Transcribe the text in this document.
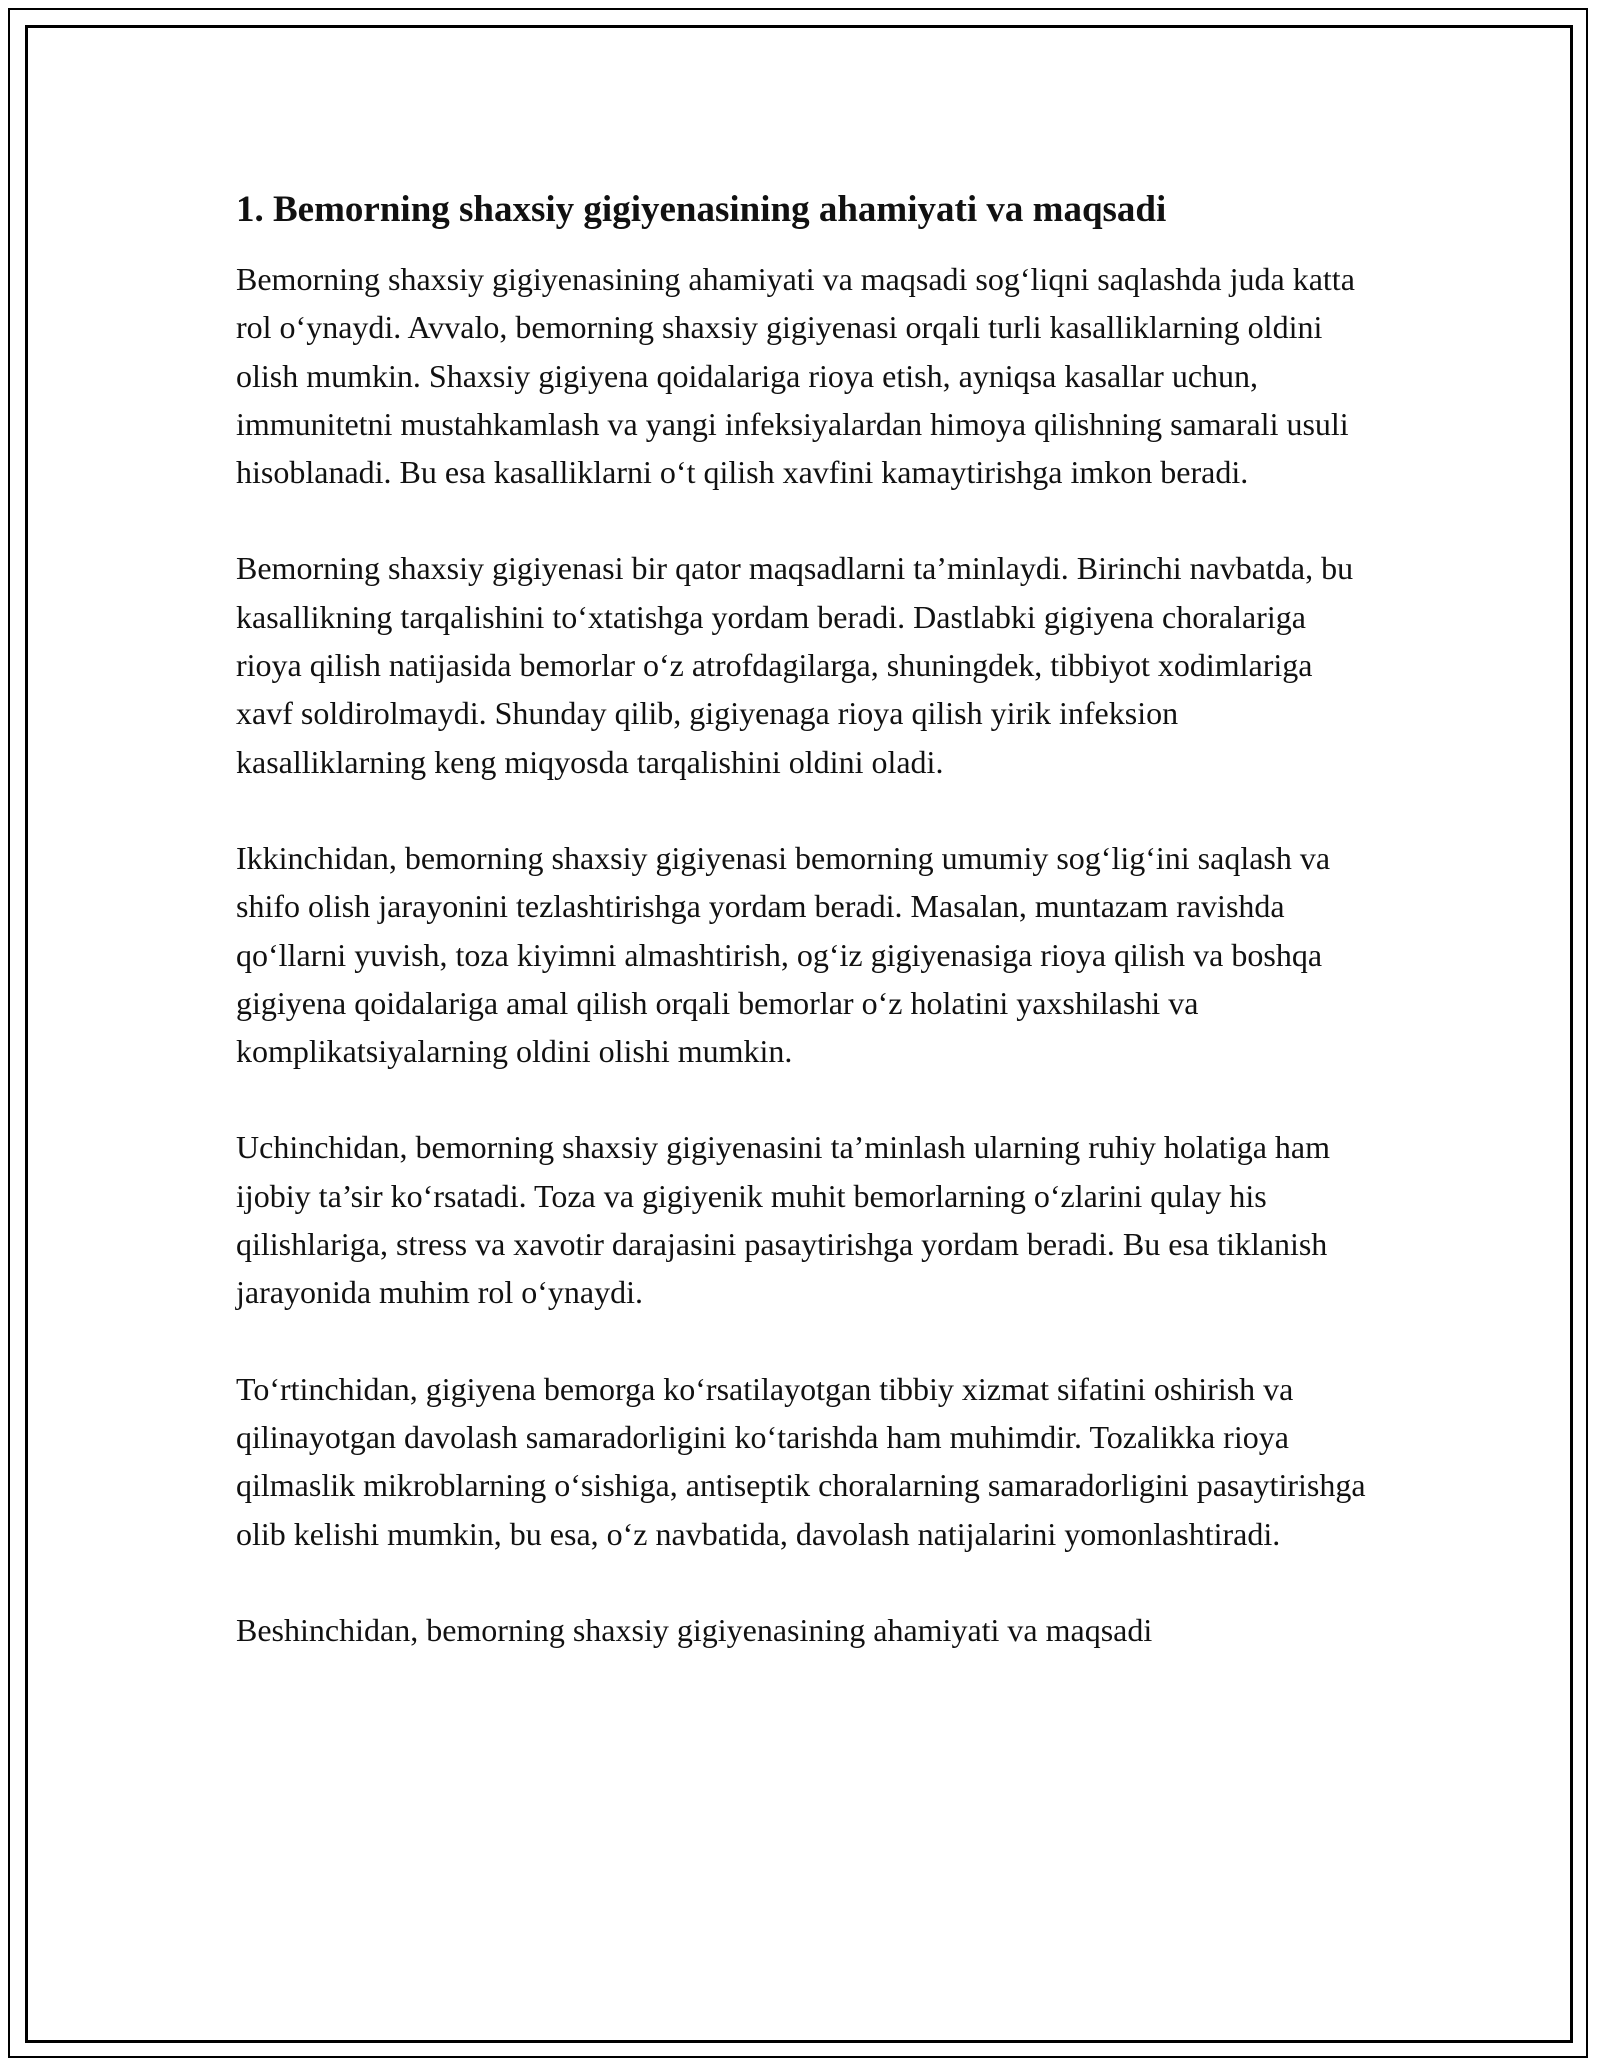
1. Bemorning shaxsiy gigiyenasining ahamiyati va maqsadi

Bemorning shaxsiy gigiyenasining ahamiyati va maqsadi sog‘liqni saqlashda juda katta rol o‘ynaydi. Avvalo, bemorning shaxsiy gigiyenasi orqali turli kasalliklarning oldini olish mumkin. Shaxsiy gigiyena qoidalariga rioya etish, ayniqsa kasallar uchun, immunitetni mustahkamlash va yangi infeksiyalardan himoya qilishning samarali usuli hisoblanadi. Bu esa kasalliklarni o‘t qilish xavfini kamaytirishga imkon beradi.

Bemorning shaxsiy gigiyenasi bir qator maqsadlarni ta’minlaydi. Birinchi navbatda, bu kasallikning tarqalishini to‘xtatishga yordam beradi. Dastlabki gigiyena choralariga rioya qilish natijasida bemorlar o‘z atrofdagilarga, shuningdek, tibbiyot xodimlariga xavf soldirolmaydi. Shunday qilib, gigiyenaga rioya qilish yirik infeksion kasalliklarning keng miqyosda tarqalishini oldini oladi.

Ikkinchidan, bemorning shaxsiy gigiyenasi bemorning umumiy sog‘lig‘ini saqlash va shifo olish jarayonini tezlashtirishga yordam beradi. Masalan, muntazam ravishda qo‘llarni yuvish, toza kiyimni almashtirish, og‘iz gigiyenasiga rioya qilish va boshqa gigiyena qoidalariga amal qilish orqali bemorlar o‘z holatini yaxshilashi va komplikatsiyalarning oldini olishi mumkin.

Uchinchidan, bemorning shaxsiy gigiyenasini ta’minlash ularning ruhiy holatiga ham ijobiy ta’sir ko‘rsatadi. Toza va gigiyenik muhit bemorlarning o‘zlarini qulay his qilishlariga, stress va xavotir darajasini pasaytirishga yordam beradi. Bu esa tiklanish jarayonida muhim rol o‘ynaydi.

To‘rtinchidan, gigiyena bemorga ko‘rsatilayotgan tibbiy xizmat sifatini oshirish va qilinayotgan davolash samaradorligini ko‘tarishda ham muhimdir. Tozalikka rioya qilmaslik mikroblarning o‘sishiga, antiseptik choralarning samaradorligini pasaytirishga olib kelishi mumkin, bu esa, o‘z navbatida, davolash natijalarini yomonlashtiradi.

Beshinchidan, bemorning shaxsiy gigiyenasining ahamiyati va maqsadi
